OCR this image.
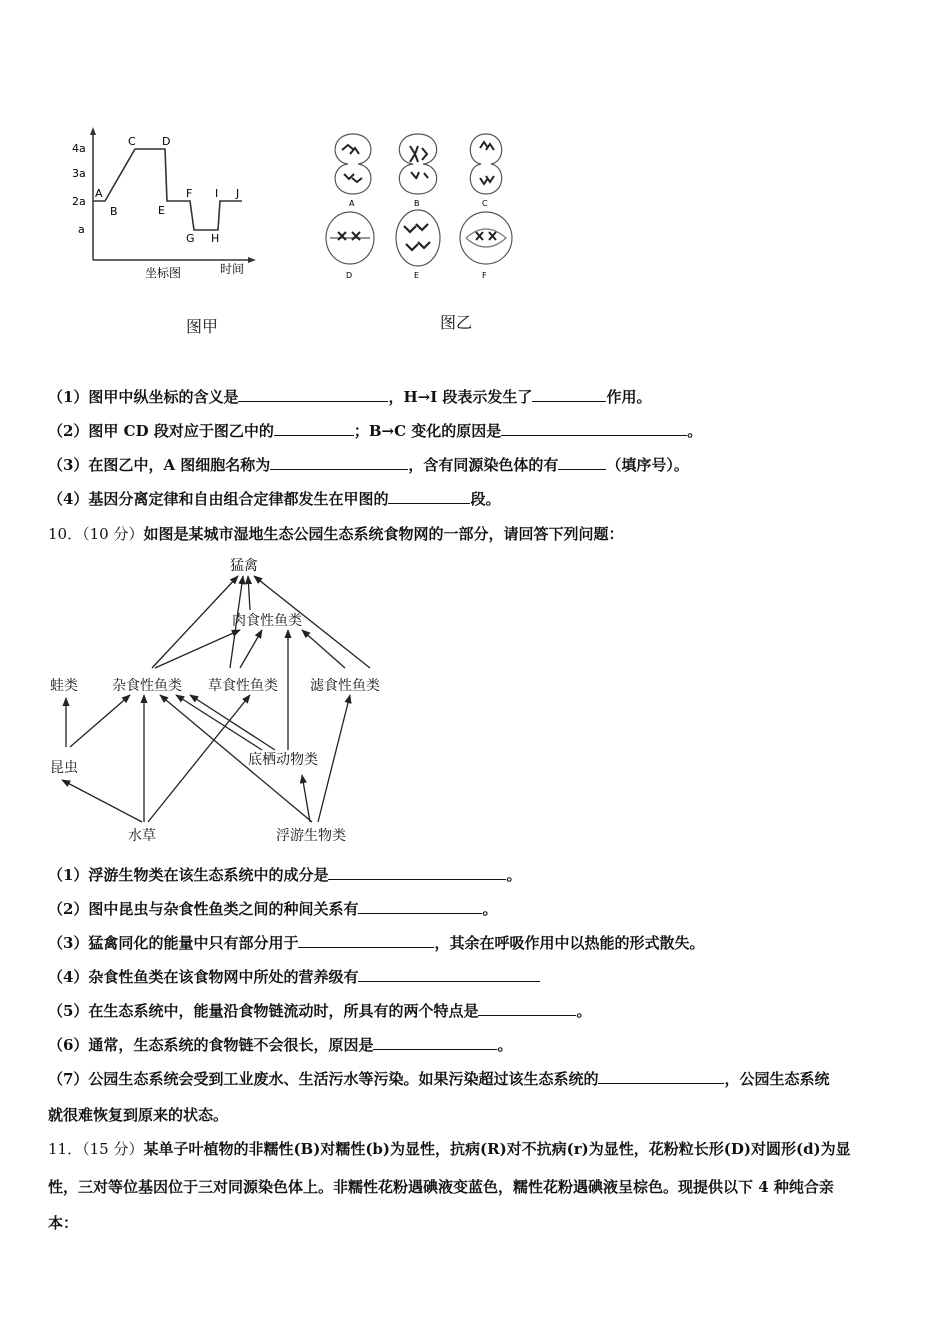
4a
3a
2a
a
A
B
C D
E
F
G H
I J
坐标图	时间
图甲
A	B	C
D	E	F
图乙
（1）图甲中纵坐标的含义是	，H→I 段表示发生了	作用。
（2）图甲 CD 段对应于图乙中的	；B→C 变化的原因是	。
（3）在图乙中，A 图细胞名称为	，含有同源染色体的有	（填序号）。
（4）基因分离定律和自由组合定律都发生在甲图的	段。
10．（10 分）如图是某城市湿地生态公园生态系统食物网的一部分，请回答下列问题：
猛禽
肉食性鱼类
蛙类 杂食性鱼类 草食性鱼类 滤食性鱼类
昆虫	底栖动物类
水草	浮游生物类
（1）浮游生物类在该生态系统中的成分是	。
（2）图中昆虫与杂食性鱼类之间的种间关系有	。
（3）猛禽同化的能量中只有部分用于	，其余在呼吸作用中以热能的形式散失。
（4）杂食性鱼类在该食物网中所处的营养级有
（5）在生态系统中，能量沿食物链流动时，所具有的两个特点是	。
（6）通常，生态系统的食物链不会很长，原因是	。
（7）公园生态系统会受到工业废水、生活污水等污染。如果污染超过该生态系统的	，公园生态系统
就很难恢复到原来的状态。
11．（15 分）某单子叶植物的非糯性(B)对糯性(b)为显性，抗病(R)对不抗病(r)为显性，花粉粒长形(D)对圆形(d)为显
性，三对等位基因位于三对同源染色体上。非糯性花粉遇碘液变蓝色，糯性花粉遇碘液呈棕色。现提供以下 4 种纯合亲
本：
